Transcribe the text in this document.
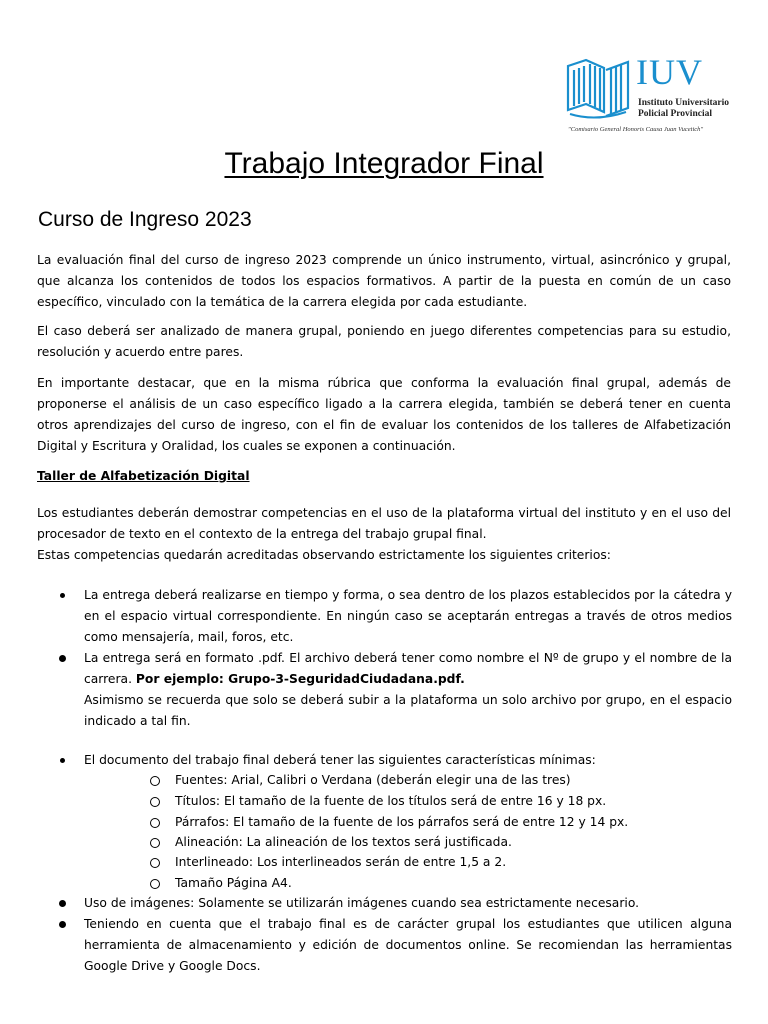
IUV
Instituto Universitario
Policial Provincial
"Comisario General Honoris Causa Juan Vucetich"
Trabajo Integrador Final
Curso de Ingreso 2023
La evaluación final del curso de ingreso 2023 comprende un único instrumento, virtual, asincrónico y grupal, que alcanza los contenidos de todos los espacios formativos. A partir de la puesta en común de un caso específico, vinculado con la temática de la carrera elegida por cada estudiante.
El caso deberá ser analizado de manera grupal, poniendo en juego diferentes competencias para su estudio, resolución y acuerdo entre pares.
En importante destacar, que en la misma rúbrica que conforma la evaluación final grupal, además de proponerse el análisis de un caso específico ligado a la carrera elegida, también se deberá tener en cuenta otros aprendizajes del curso de ingreso, con el fin de evaluar los contenidos de los talleres de Alfabetización Digital y Escritura y Oralidad, los cuales se exponen a continuación.
Taller de Alfabetización Digital
Los estudiantes deberán demostrar competencias en el uso de la plataforma virtual del instituto y en el uso del procesador de texto en el contexto de la entrega del trabajo grupal final.
Estas competencias quedarán acreditadas observando estrictamente los siguientes criterios:
La entrega deberá realizarse en tiempo y forma, o sea dentro de los plazos establecidos por la cátedra y en el espacio virtual correspondiente. En ningún caso se aceptarán entregas a través de otros medios como mensajería, mail, foros, etc.
La entrega será en formato .pdf. El archivo deberá tener como nombre el Nº de grupo y el nombre de la carrera. Por ejemplo: Grupo-3-SeguridadCiudadana.pdf.
Asimismo se recuerda que solo se deberá subir a la plataforma un solo archivo por grupo, en el espacio indicado a tal fin.
El documento del trabajo final deberá tener las siguientes características mínimas:
Fuentes: Arial, Calibri o Verdana (deberán elegir una de las tres)
Títulos: El tamaño de la fuente de los títulos será de entre 16 y 18 px.
Párrafos: El tamaño de la fuente de los párrafos será de entre 12 y 14 px.
Alineación: La alineación de los textos será justificada.
Interlineado: Los interlineados serán de entre 1,5 a 2.
Tamaño Página A4.
Uso de imágenes: Solamente se utilizarán imágenes cuando sea estrictamente necesario.
Teniendo en cuenta que el trabajo final es de carácter grupal los estudiantes que utilicen alguna herramienta de almacenamiento y edición de documentos online. Se recomiendan las herramientas Google Drive y Google Docs.
